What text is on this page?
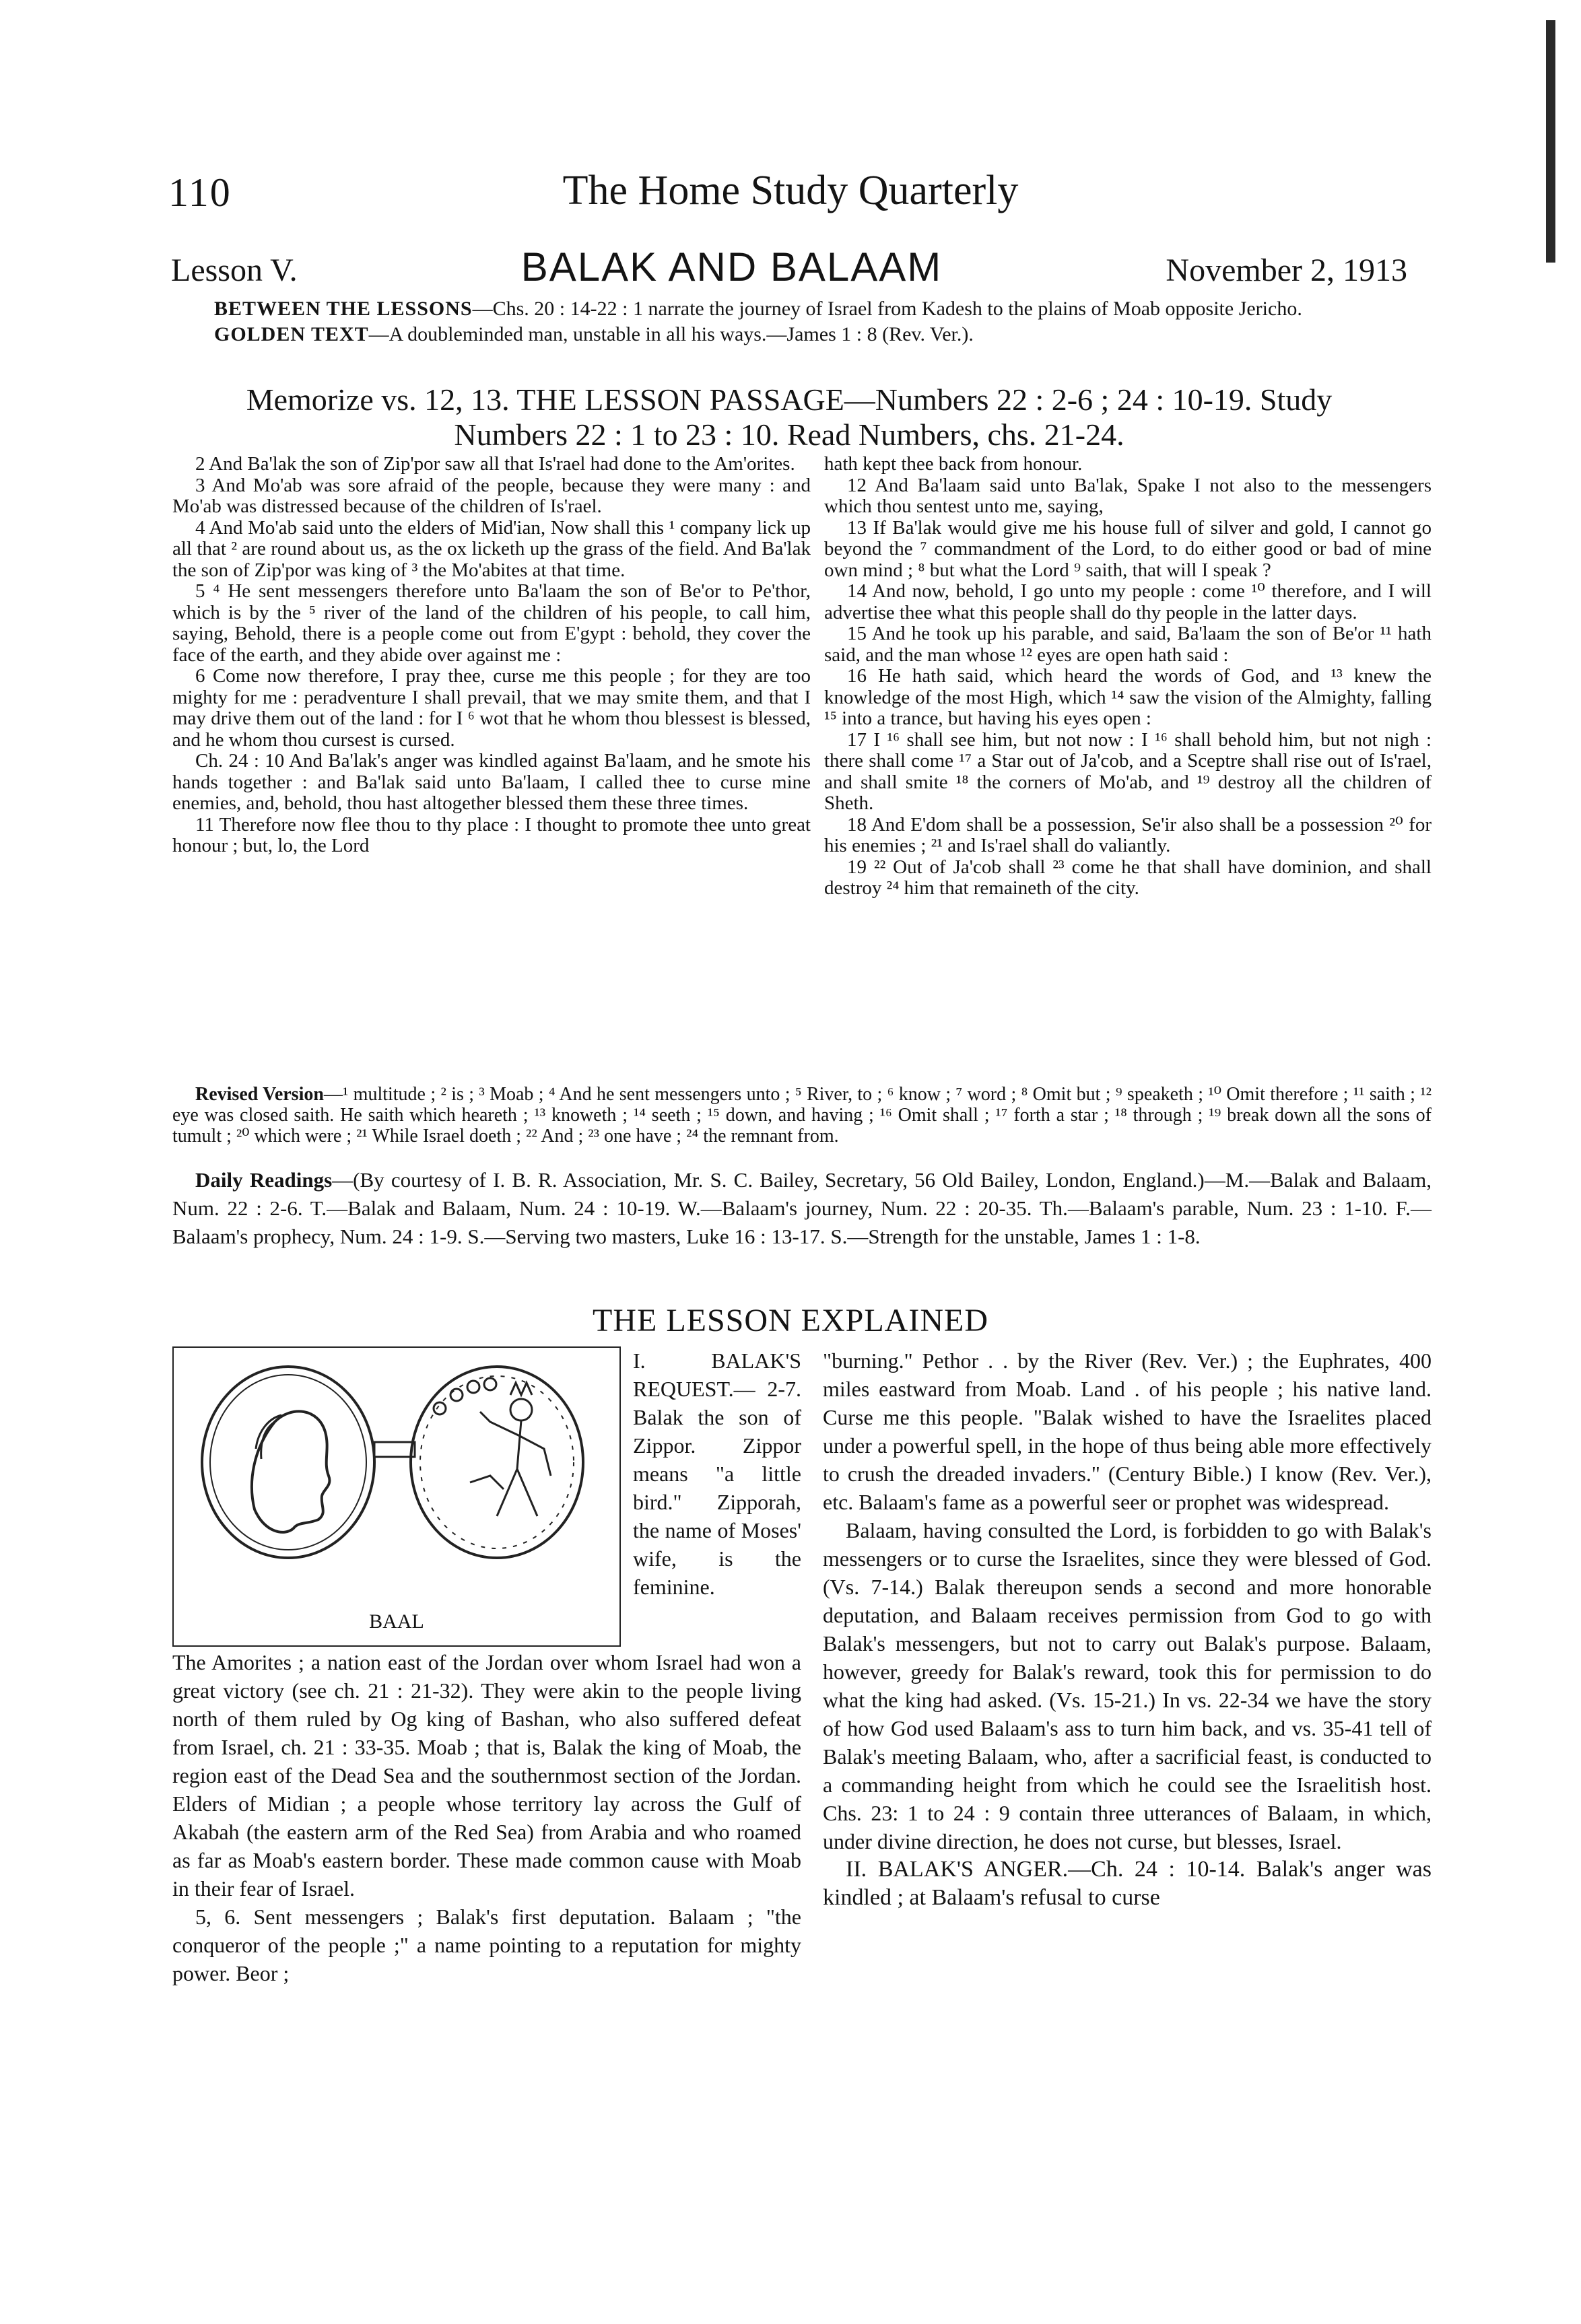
110	The Home Study Quarterly
Lesson V.	BALAK AND BALAAM	November 2, 1913

BETWEEN THE LESSONS—Chs. 20 : 14-22 : 1 narrate the journey of Israel from Kadesh to the plains of Moab opposite Jericho.

GOLDEN TEXT—A doubleminded man, unstable in all his ways.—James 1 : 8 (Rev. Ver.).

Memorize vs. 12, 13. THE LESSON PASSAGE—Numbers 22 : 2-6 ; 24 : 10-19. Study
Numbers 22 : 1 to 23 : 10. Read Numbers, chs. 21-24.

2 And Ba'lak the son of Zip'por saw all that Is'rael had done to the Am'orites.

3 And Mo'ab was sore afraid of the people, because they were many : and Mo'ab was distressed because of the children of Is'rael.

4 And Mo'ab said unto the elders of Mid'ian, Now shall this ¹ company lick up all that ² are round about us, as the ox licketh up the grass of the field. And Ba'lak the son of Zip'por was king of ³ the Mo'abites at that time.

5 ⁴ He sent messengers therefore unto Ba'laam the son of Be'or to Pe'thor, which is by the ⁵ river of the land of the children of his people, to call him, saying, Behold, there is a people come out from E'gypt : behold, they cover the face of the earth, and they abide over against me :

6 Come now therefore, I pray thee, curse me this people ; for they are too mighty for me : peradventure I shall prevail, that we may smite them, and that I may drive them out of the land : for I ⁶ wot that he whom thou blessest is blessed, and he whom thou cursest is cursed.

Ch. 24 : 10 And Ba'lak's anger was kindled against Ba'laam, and he smote his hands together : and Ba'lak said unto Ba'laam, I called thee to curse mine enemies, and, behold, thou hast altogether blessed them these three times.

11 Therefore now flee thou to thy place : I thought to promote thee unto great honour ; but, lo, the Lord

hath kept thee back from honour.

12 And Ba'laam said unto Ba'lak, Spake I not also to the messengers which thou sentest unto me, saying,

13 If Ba'lak would give me his house full of silver and gold, I cannot go beyond the ⁷ commandment of the Lord, to do either good or bad of mine own mind ; ⁸ but what the Lord ⁹ saith, that will I speak ?

14 And now, behold, I go unto my people : come ¹⁰ therefore, and I will advertise thee what this people shall do thy people in the latter days.

15 And he took up his parable, and said, Ba'laam the son of Be'or ¹¹ hath said, and the man whose ¹² eyes are open hath said :

16 He hath said, which heard the words of God, and ¹³ knew the knowledge of the most High, which ¹⁴ saw the vision of the Almighty, falling ¹⁵ into a trance, but having his eyes open :

17 I ¹⁶ shall see him, but not now : I ¹⁶ shall behold him, but not nigh : there shall come ¹⁷ a Star out of Ja'cob, and a Sceptre shall rise out of Is'rael, and shall smite ¹⁸ the corners of Mo'ab, and ¹⁹ destroy all the children of Sheth.

18 And E'dom shall be a possession, Se'ir also shall be a possession ²⁰ for his enemies ; ²¹ and Is'rael shall do valiantly.

19 ²² Out of Ja'cob shall ²³ come he that shall have dominion, and shall destroy ²⁴ him that remaineth of the city.

Revised Version—¹ multitude ; ² is ; ³ Moab ; ⁴ And he sent messengers unto ; ⁵ River, to ; ⁶ know ; ⁷ word ; ⁸ Omit but ; ⁹ speaketh ; ¹⁰ Omit therefore ; ¹¹ saith ; ¹² eye was closed saith. He saith which heareth ; ¹³ knoweth ; ¹⁴ seeth ; ¹⁵ down, and having ; ¹⁶ Omit shall ; ¹⁷ forth a star ; ¹⁸ through ; ¹⁹ break down all the sons of tumult ; ²⁰ which were ; ²¹ While Israel doeth ; ²² And ; ²³ one have ; ²⁴ the remnant from.
Daily Readings—(By courtesy of I. B. R. Association, Mr. S. C. Bailey, Secretary, 56 Old Bailey, London, England.)—M.—Balak and Balaam, Num. 22 : 2-6. T.—Balak and Balaam, Num. 24 : 10-19. W.—Balaam's journey, Num. 22 : 20-35. Th.—Balaam's parable, Num. 23 : 1-10. F.—Balaam's prophecy, Num. 24 : 1-9. S.—Serving two masters, Luke 16 : 13-17. S.—Strength for the unstable, James 1 : 1-8.
THE LESSON EXPLAINED
BAAL

I. BALAK'S REQUEST.— 2-7. Balak the son of Zippor. Zippor means "a little bird." Zipporah, the name of Moses' wife, is the feminine.

The Amorites ; a nation east of the Jordan over whom Israel had won a great victory (see ch. 21 : 21-32). They were akin to the people living north of them ruled by Og king of Bashan, who also suffered defeat from Israel, ch. 21 : 33-35. Moab ; that is, Balak the king of Moab, the region east of the Dead Sea and the southernmost section of the Jordan. Elders of Midian ; a people whose territory lay across the Gulf of Akabah (the eastern arm of the Red Sea) from Arabia and who roamed as far as Moab's eastern border. These made common cause with Moab in their fear of Israel.

5, 6. Sent messengers ; Balak's first deputation. Balaam ; "the conqueror of the people ;" a name pointing to a reputation for mighty power. Beor ;

"burning." Pethor . . by the River (Rev. Ver.) ; the Euphrates, 400 miles eastward from Moab. Land . of his people ; his native land. Curse me this people. "Balak wished to have the Israelites placed under a powerful spell, in the hope of thus being able more effectively to crush the dreaded invaders." (Century Bible.) I know (Rev. Ver.), etc. Balaam's fame as a powerful seer or prophet was widespread.

Balaam, having consulted the Lord, is forbidden to go with Balak's messengers or to curse the Israelites, since they were blessed of God. (Vs. 7-14.) Balak thereupon sends a second and more honorable deputation, and Balaam receives permission from God to go with Balak's messengers, but not to carry out Balak's purpose. Balaam, however, greedy for Balak's reward, took this for permission to do what the king had asked. (Vs. 15-21.) In vs. 22-34 we have the story of how God used Balaam's ass to turn him back, and vs. 35-41 tell of Balak's meeting Balaam, who, after a sacrificial feast, is conducted to a commanding height from which he could see the Israelitish host. Chs. 23: 1 to 24 : 9 contain three utterances of Balaam, in which, under divine direction, he does not curse, but blesses, Israel.

II. BALAK'S ANGER.—Ch. 24 : 10-14. Balak's anger was kindled ; at Balaam's refusal to curse
